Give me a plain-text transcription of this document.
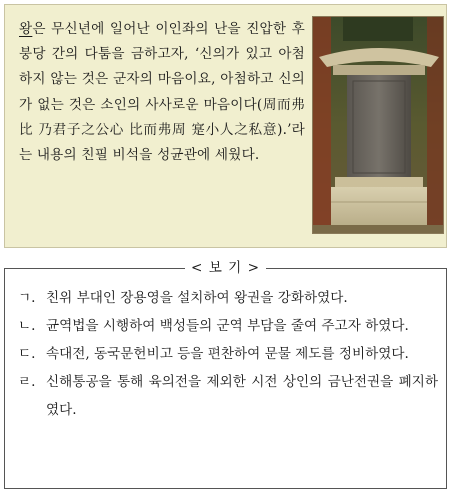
왕은 무신년에 일어난 이인좌의 난을 진압한 후 붕당 간의 다툼을 금하고자, ‘신의가 있고 아첨하지 않는 것은 군자의 마음이요, 아첨하고 신의가 없는 것은 소인의 사사로운 마음이다(周而弗比 乃君子之公心 比而弗周 寔小人之私意).’라는 내용의 친필 비석을 성균관에 세웠다.
< 보 기 >
ㄱ. 친위 부대인 장용영을 설치하여 왕권을 강화하였다.
ㄴ. 균역법을 시행하여 백성들의 군역 부담을 줄여 주고자 하였다.
ㄷ. 속대전, 동국문헌비고 등을 편찬하여 문물 제도를 정비하였다.
ㄹ. 신해통공을 통해 육의전을 제외한 시전 상인의 금난전권을 폐지하였다.
